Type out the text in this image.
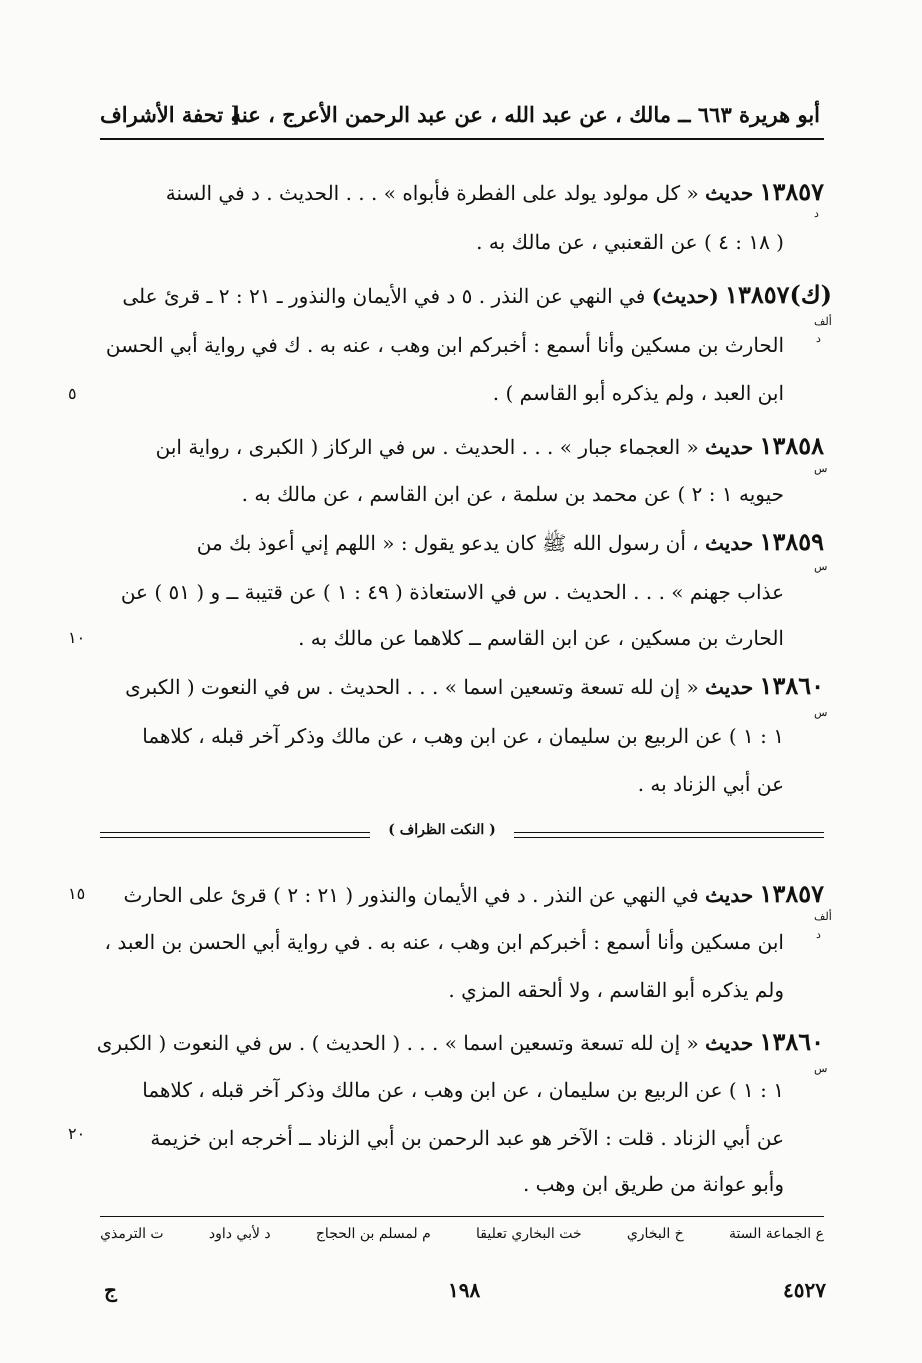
أبو هريرة ٦٦٣ ــ مالك ، عن عبد الله ، عن عبد الرحمن الأعرج ، عنه
[ تحفة الأشراف
١٣٨٥٧ حديث « كل مولود يولد على الفطرة فأبواه » . . . الحديث . د في السنة
( ١٨ : ٤ ) عن القعنبي ، عن مالك به .
د
(ك)١٣٨٥٧ (حديث) في النهي عن النذر . ٥ د في الأيمان والنذور ـ ٢١ : ٢ ـ قرئ على
الحارث بن مسكين وأنا أسمع : أخبركم ابن وهب ، عنه به . ك في رواية أبي الحسن
ابن العبد ، ولم يذكره أبو القاسم ) .
ألف
د
٥
١٣٨٥٨ حديث « العجماء جبار » . . . الحديث . س في الركاز ( الكبرى ، رواية ابن
حيويه ١ : ٢ ) عن محمد بن سلمة ، عن ابن القاسم ، عن مالك به .
س
١٣٨٥٩ حديث ، أن رسول الله ﷺ كان يدعو يقول : « اللهم إني أعوذ بك من
عذاب جهنم » . . . الحديث . س في الاستعاذة ( ٤٩ : ١ ) عن قتيبة ــ و ( ٥١ ) عن
الحارث بن مسكين ، عن ابن القاسم ــ كلاهما عن مالك به .
س
١٠
١٣٨٦٠ حديث « إن لله تسعة وتسعين اسما » . . . الحديث . س في النعوت ( الكبرى
١ : ١ ) عن الربيع بن سليمان ، عن ابن وهب ، عن مالك وذكر آخر قبله ، كلاهما
عن أبي الزناد به .
س
( النكت الظراف )
١٣٨٥٧ حديث في النهي عن النذر . د في الأيمان والنذور ( ٢١ : ٢ ) قرئ على الحارث
ابن مسكين وأنا أسمع : أخبركم ابن وهب ، عنه به . في رواية أبي الحسن بن العبد ،
ولم يذكره أبو القاسم ، ولا ألحقه المزي .
ألف
د
١٥
١٣٨٦٠ حديث « إن لله تسعة وتسعين اسما » . . . ( الحديث ) . س في النعوت ( الكبرى
١ : ١ ) عن الربيع بن سليمان ، عن ابن وهب ، عن مالك وذكر آخر قبله ، كلاهما
عن أبي الزناد . قلت : الآخر هو عبد الرحمن بن أبي الزناد ــ أخرجه ابن خزيمة
وأبو عوانة من طريق ابن وهب .
س
٢٠
ع الجماعة الستة
خ البخاري
خت البخاري تعليقا
م لمسلم بن الحجاج
د لأبي داود
ت الترمذي
٤٥٢٧
١٩٨
ج
